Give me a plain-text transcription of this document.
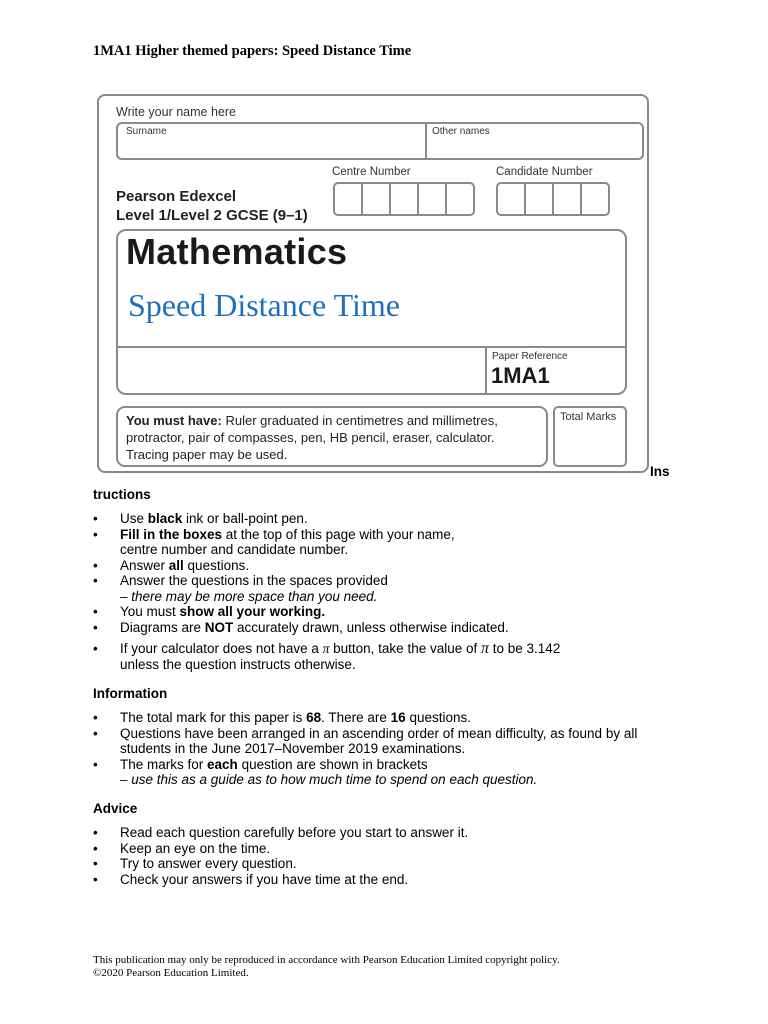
1MA1 Higher themed papers: Speed Distance Time
Write your name here
Surname	Other names
Centre Number	Candidate Number
Pearson Edexcel
Level 1/Level 2 GCSE (9–1)
Mathematics
Speed Distance Time
Paper Reference
1MA1
You must have: Ruler graduated in centimetres and millimetres,
protractor, pair of compasses, pen, HB pencil, eraser, calculator.
Tracing paper may be used.
Total Marks
Ins
tructions
• Use black ink or ball-point pen.
• Fill in the boxes at the top of this page with your name,
centre number and candidate number.
• Answer all questions.
• Answer the questions in the spaces provided
– there may be more space than you need.
• You must show all your working.
• Diagrams are NOT accurately drawn, unless otherwise indicated.
• If your calculator does not have a π button, take the value of π to be 3.142
unless the question instructs otherwise.
Information
• The total mark for this paper is 68. There are 16 questions.
• Questions have been arranged in an ascending order of mean difficulty, as found by all
students in the June 2017–November 2019 examinations.
• The marks for each question are shown in brackets
– use this as a guide as to how much time to spend on each question.
Advice
• Read each question carefully before you start to answer it.
• Keep an eye on the time.
• Try to answer every question.
• Check your answers if you have time at the end.
This publication may only be reproduced in accordance with Pearson Education Limited copyright policy.
©2020 Pearson Education Limited.
